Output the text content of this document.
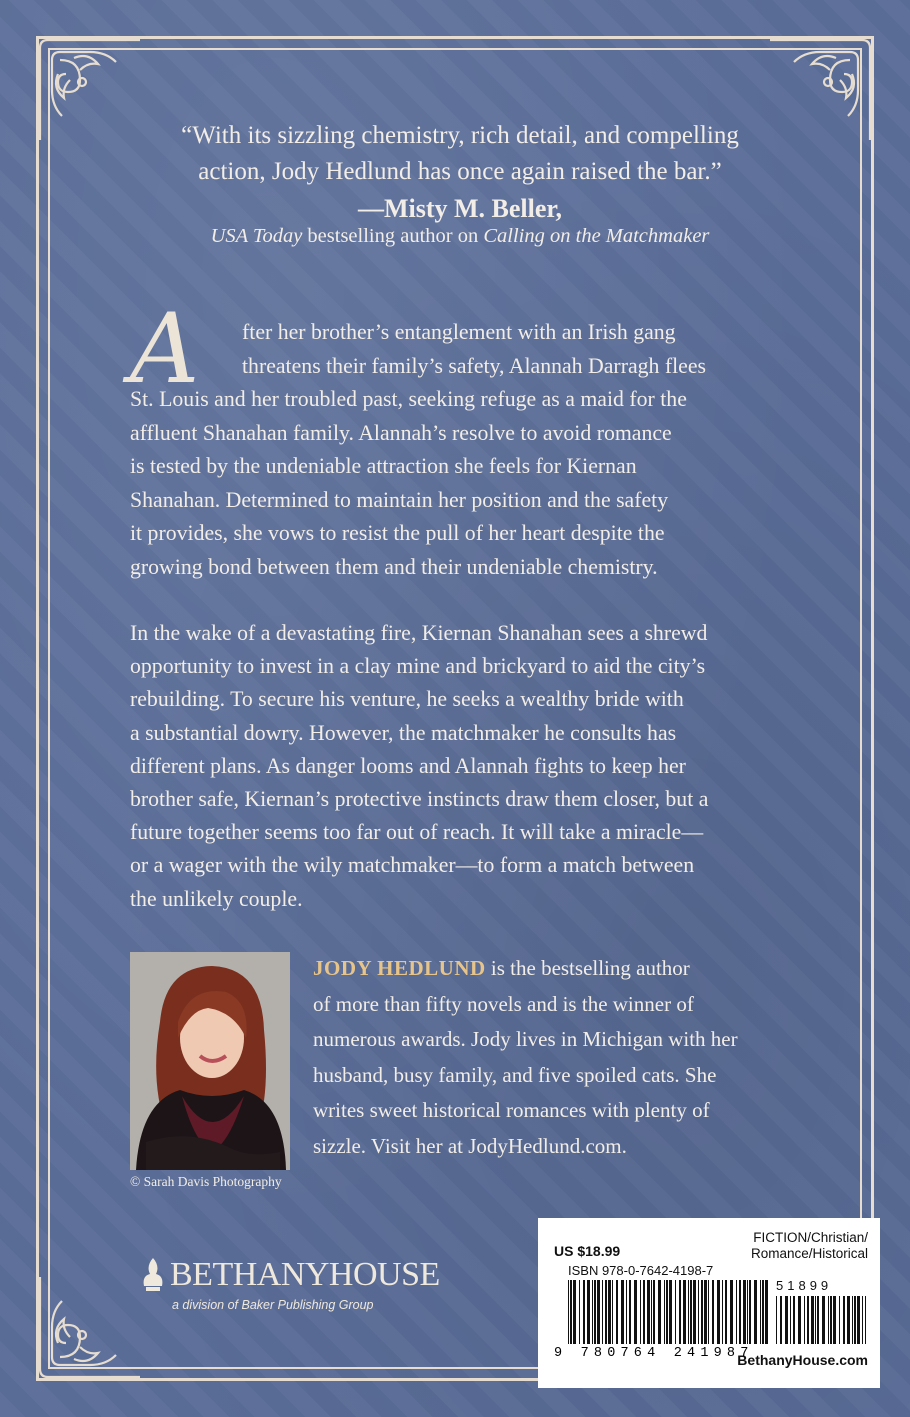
“With its sizzling chemistry, rich detail, and compelling
action, Jody Hedlund has once again raised the bar.”
—Misty M. Beller,
USA Today bestselling author on Calling on the Matchmaker
A	fter her brother’s entanglement with an Irish gang
threatens their family’s safety, Alannah Darragh flees
St. Louis and her troubled past, seeking refuge as a maid for the
affluent Shanahan family. Alannah’s resolve to avoid romance
is tested by the undeniable attraction she feels for Kiernan
Shanahan. Determined to maintain her position and the safety
it provides, she vows to resist the pull of her heart despite the
growing bond between them and their undeniable chemistry.
In the wake of a devastating fire, Kiernan Shanahan sees a shrewd
opportunity to invest in a clay mine and brickyard to aid the city’s
rebuilding. To secure his venture, he seeks a wealthy bride with
a substantial dowry. However, the matchmaker he consults has
different plans. As danger looms and Alannah fights to keep her
brother safe, Kiernan’s protective instincts draw them closer, but a
future together seems too far out of reach. It will take a miracle—
or a wager with the wily matchmaker—to form a match between
the unlikely couple.
© Sarah Davis Photography
JODY HEDLUND is the bestselling author
of more than fifty novels and is the winner of
numerous awards. Jody lives in Michigan with her
husband, busy family, and five spoiled cats. She
writes sweet historical romances with plenty of
sizzle. Visit her at JodyHedlund.com.
BETHANYHOUSE
a division of Baker Publishing Group
FICTION/Christian/
Romance/Historical
US $18.99
ISBN 978-0-7642-4198-7
51899
9 780764 241987
BethanyHouse.com
